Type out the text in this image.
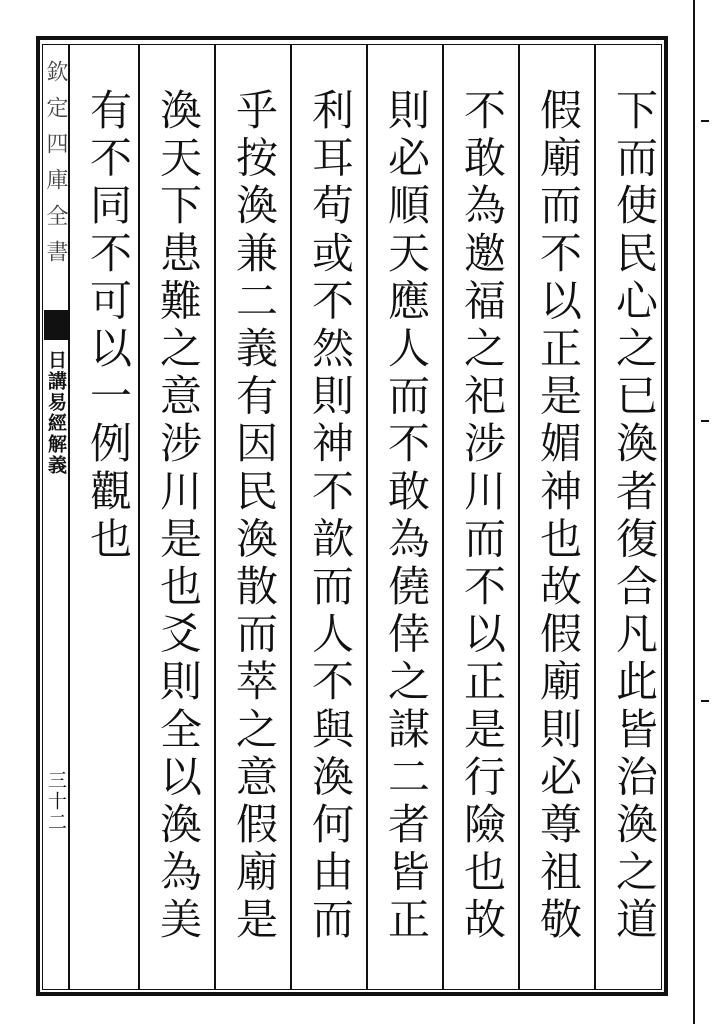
欽定四庫全書
日講易經解義
三十二
下而使民心之已渙者復合凡此皆治渙之道
假廟而不以正是媚神也故假廟則必尊祖敬
不敢為邀福之祀涉川而不以正是行險也故
則必順天應人而不敢為僥倖之謀二者皆正
利耳苟或不然則神不歆而人不與渙何由而
乎按渙兼二義有因民渙散而萃之意假廟是
渙天下患難之意涉川是也爻則全以渙為美
有不同不可以一例觀也
